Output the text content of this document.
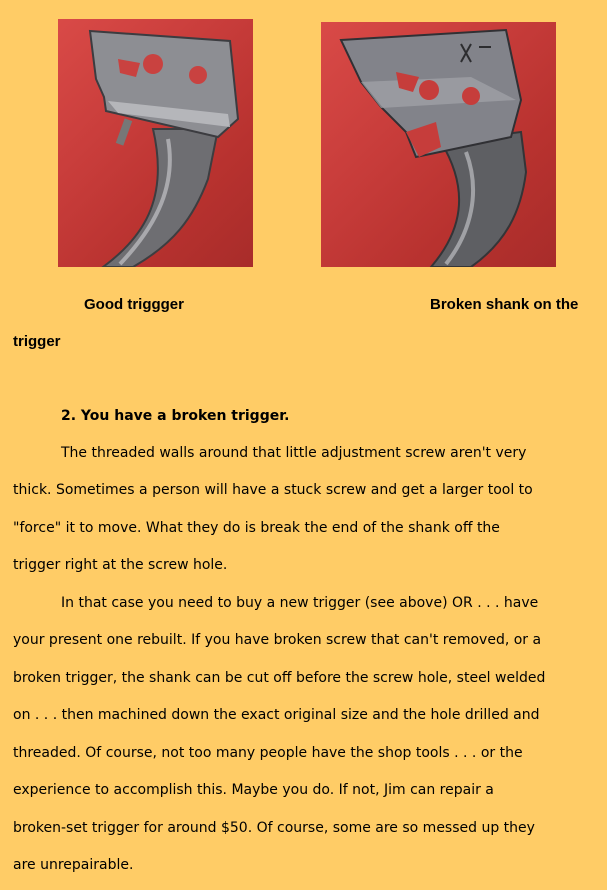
Good triggger	Broken shank on the
trigger
2. You have a broken trigger.
The threaded walls around that little adjustment screw aren't very
thick. Sometimes a person will have a stuck screw and get a larger tool to
"force" it to move. What they do is break the end of the shank off the
trigger right at the screw hole.
In that case you need to buy a new trigger (see above) OR . . . have
your present one rebuilt. If you have broken screw that can't removed, or a
broken trigger, the shank can be cut off before the screw hole, steel welded
on . . . then machined down the exact original size and the hole drilled and
threaded. Of course, not too many people have the shop tools . . . or the
experience to accomplish this. Maybe you do. If not, Jim can repair a
broken-set trigger for around $50. Of course, some are so messed up they
are unrepairable.
